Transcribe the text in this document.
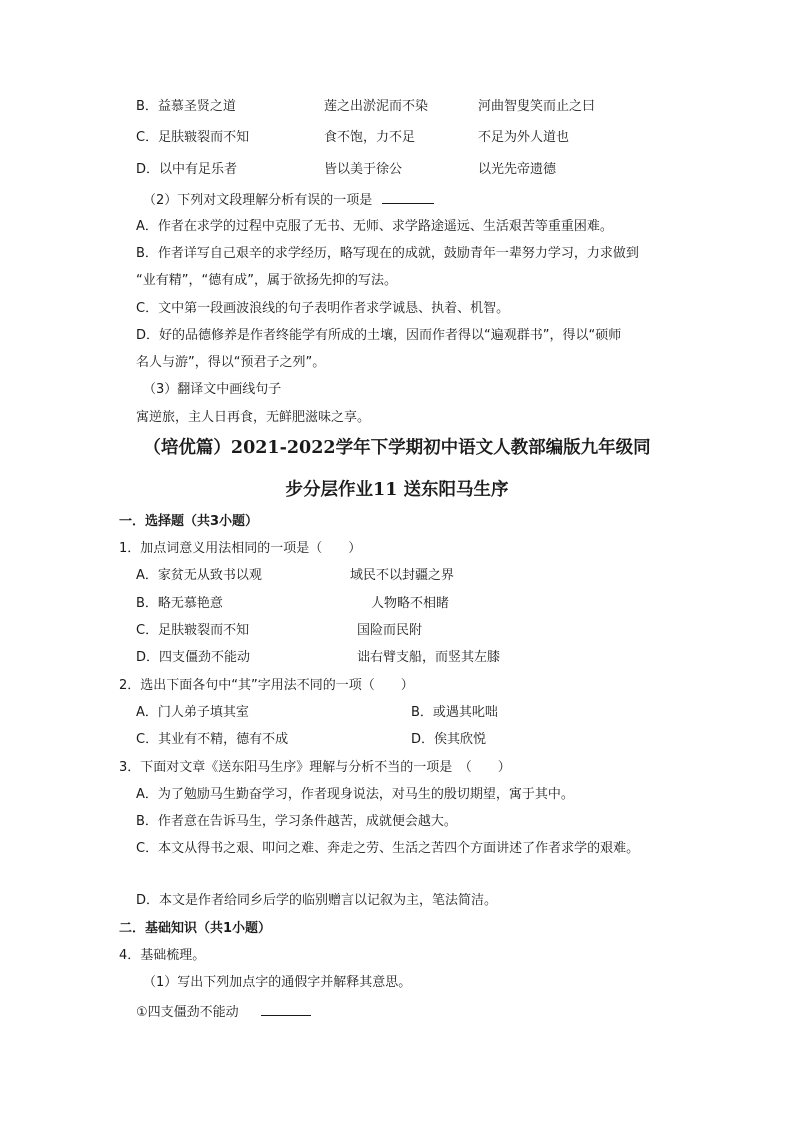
B．益慕圣贤之道	莲之出淤泥而不染	河曲智叟笑而止之曰
C．足肤皲裂而不知	食不饱，力不足	不足为外人道也
D．以中有足乐者	皆以美于徐公	以光先帝遗德
（2）下列对文段理解分析有误的一项是
A．作者在求学的过程中克服了无书、无师、求学路途遥远、生活艰苦等重重困难。
B．作者详写自己艰辛的求学经历，略写现在的成就，鼓励青年一辈努力学习，力求做到
“业有精”，“德有成”，属于欲扬先抑的写法。
C．文中第一段画波浪线的句子表明作者求学诚恳、执着、机智。
D．好的品德修养是作者终能学有所成的土壤，因而作者得以“遍观群书”，得以“硕师
名人与游”，得以“预君子之列”。
（3）翻译文中画线句子
寓逆旅，主人日再食，无鲜肥滋味之享。
（培优篇）2021-2022学年下学期初中语文人教部编版九年级同
步分层作业11 送东阳马生序
一．选择题（共3小题）
1．加点词意义用法相同的一项是（　　）
A．家贫无从致书以观	域民不以封疆之界
B．略无慕艳意	人物略不相睹
C．足肤皲裂而不知	国险而民附
D．四支僵劲不能动	诎右臂支船，而竖其左膝
2．选出下面各句中“其”字用法不同的一项（　　）
A．门人弟子填其室	B．或遇其叱咄
C．其业有不精，德有不成	D．俟其欣悦
3．下面对文章《送东阳马生序》理解与分析不当的一项是　（　　）
A．为了勉励马生勤奋学习，作者现身说法，对马生的殷切期望，寓于其中。
B．作者意在告诉马生，学习条件越苦，成就便会越大。
C．本文从得书之艰、叩问之难、奔走之劳、生活之苦四个方面讲述了作者求学的艰难。
D．本文是作者给同乡后学的临别赠言以记叙为主，笔法简洁。
二．基础知识（共1小题）
4．基础梳理。
（1）写出下列加点字的通假字并解释其意思。
①四支僵劲不能动
